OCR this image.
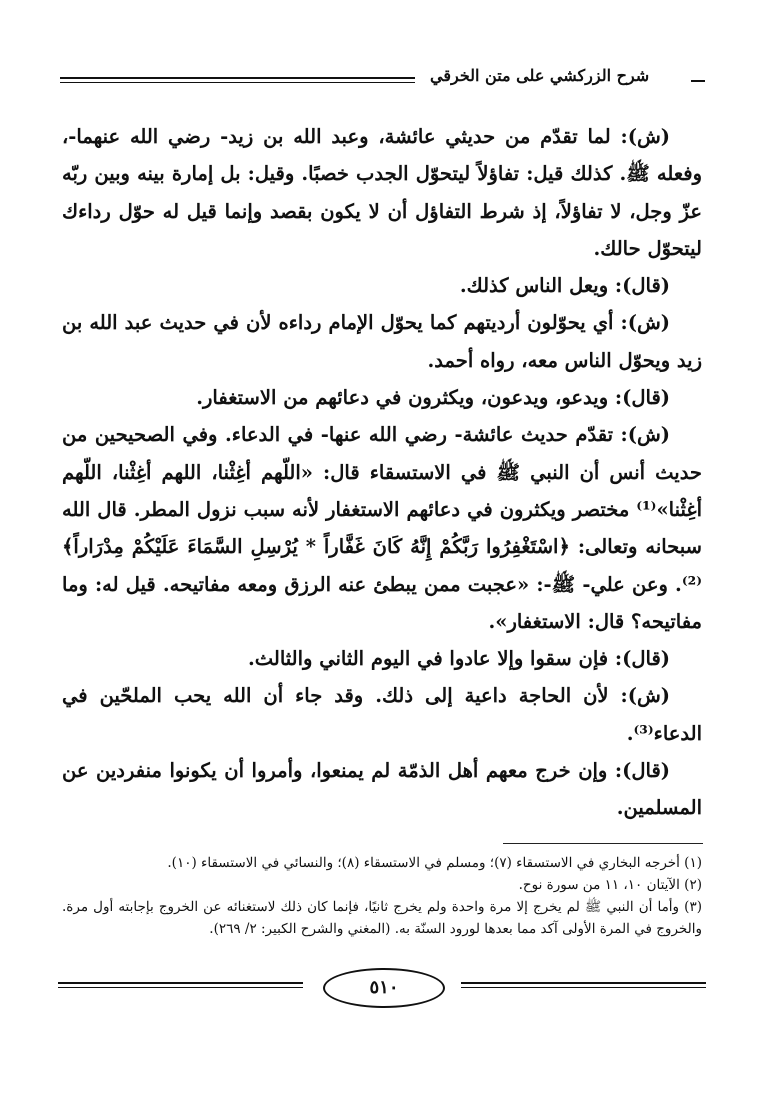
شرح الزركشي على متن الخرقي

(ش): لما تقدّم من حديثي عائشة، وعبد الله بن زيد- رضي الله عنهما-، وفعله ﷺ. كذلك قيل: تفاؤلاً ليتحوّل الجدب خصبًا. وقيل: بل إمارة بينه وبين ربّه عزّ وجل، لا تفاؤلاً، إذ شرط التفاؤل أن لا يكون بقصد وإنما قيل له حوّل رداءك ليتحوّل حالك.

(قال): ويعل الناس كذلك.

(ش): أي يحوّلون أرديتهم كما يحوّل الإمام رداءه لأن في حديث عبد الله بن زيد ويحوّل الناس معه، رواه أحمد.

(قال): ويدعو، ويدعون، ويكثرون في دعائهم من الاستغفار.

(ش): تقدّم حديث عائشة- رضي الله عنها- في الدعاء. وفي الصحيحين من حديث أنس أن النبي ﷺ في الاستسقاء قال: «اللّهم أغِثْنا، اللهم أغِثْنا، اللّهم أغِثْنا»⁽¹⁾ مختصر ويكثرون في دعائهم الاستغفار لأنه سبب نزول المطر. قال الله سبحانه وتعالى: ﴿اسْتَغْفِرُوا رَبَّكُمْ إِنَّهُ كَانَ غَفَّاراً * يُرْسِلِ السَّمَاءَ عَلَيْكُمْ مِدْرَاراً﴾⁽²⁾. وعن علي- ﷺ-: «عجبت ممن يبطئ عنه الرزق ومعه مفاتيحه. قيل له: وما مفاتيحه؟ قال: الاستغفار».

(قال): فإن سقوا وإلا عادوا في اليوم الثاني والثالث.

(ش): لأن الحاجة داعية إلى ذلك. وقد جاء أن الله يحب الملحّين في الدعاء⁽³⁾.

(قال): وإن خرج معهم أهل الذمّة لم يمنعوا، وأمروا أن يكونوا منفردين عن المسلمين.

(١) أخرجه البخاري في الاستسقاء (٧)؛ ومسلم في الاستسقاء (٨)؛ والنسائي في الاستسقاء (١٠).

(٢) الآيتان ١٠، ١١ من سورة نوح.

(٣) وأما أن النبي ﷺ لم يخرج إلا مرة واحدة ولم يخرج ثانيًا، فإنما كان ذلك لاستغنائه عن الخروج بإجابته أول مرة. والخروج في المرة الأولى آكد مما بعدها لورود السنّة به. (المغني والشرح الكبير: ٢/ ٢٦٩).

٥١٠
